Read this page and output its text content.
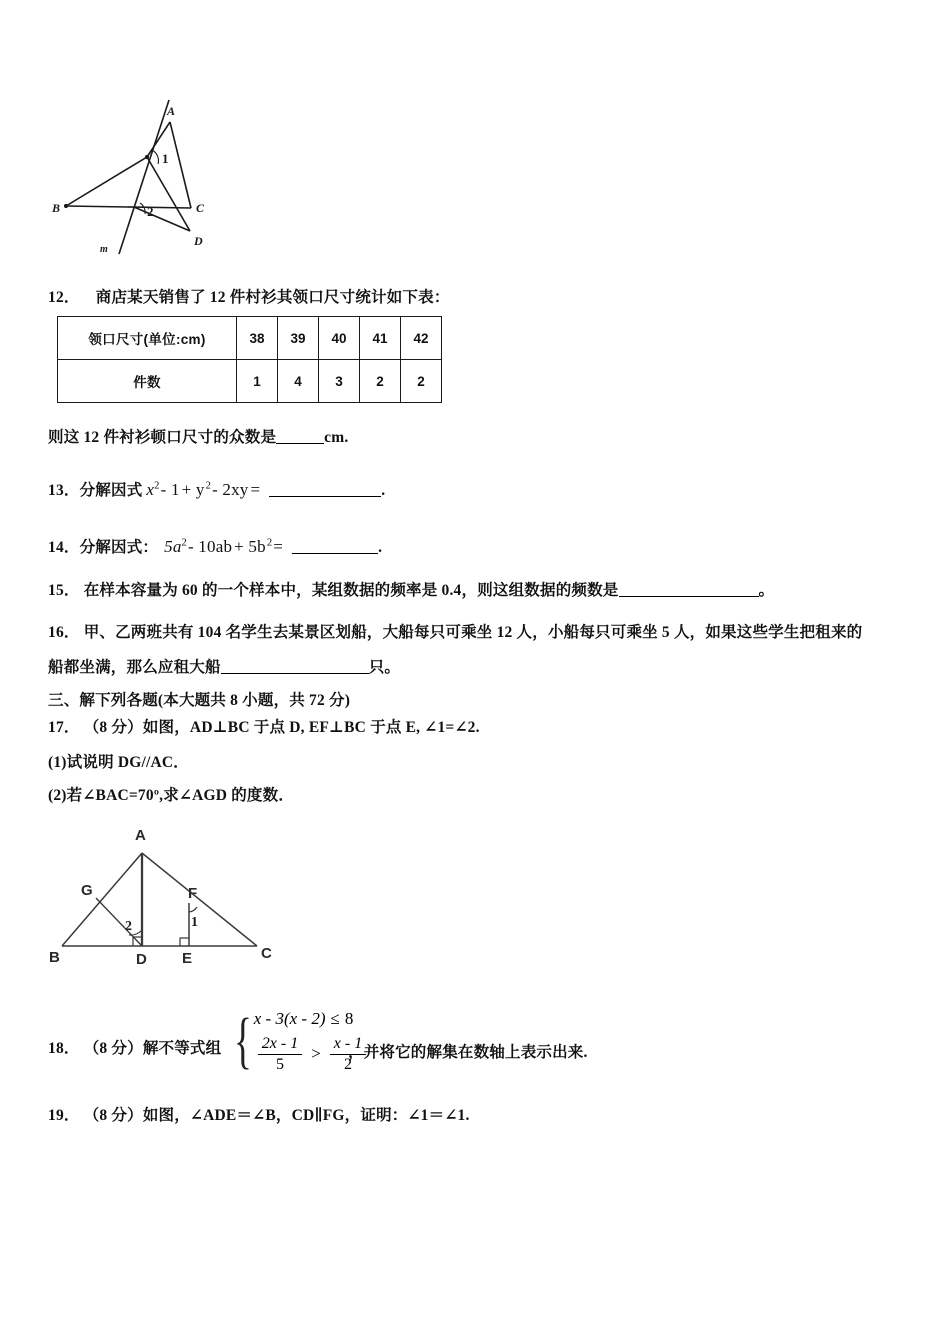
A
B	C
D
m
1
2
12． 商店某天销售了 12 件村衫其领口尺寸统计如下表：
领口尺寸(单位:cm)	38	39	40	41	42
件数	1	4	3	2	2
则这 12 件衬衫顿口尺寸的众数是	cm.
13．分解因式 $x^2-$ $1 + y^2-$ 2xy =	.
14．分解因式： $5a^2-$ $10ab + 5b^2=$	.
15． 在样本容量为 60 的一个样本中，某组数据的频率是 0.4，则这组数据的频数是	。
16． 甲、乙两班共有 104 名学生去某景区划船，大船每只可乘坐 12 人，小船每只可乘坐 5 人，如果这些学生把租来的
船都坐满，那么应租大船	只。
三、解下列各题(本大题共 8 小题，共 72 分)
17． （8 分）如图，AD⊥BC 于点 D, EF⊥BC 于点 E, ∠1=∠2.
(1)试说明 DG//AC．
(2)若∠BAC=70º,求∠AGD 的度数．
A
B	C
D E
F
G
2	1
18． （8 分）解不等式组 { x - 3(x - 2) ≤ 8
$\frac{2x - 1}{5} > \frac{x - 1}{2}$
，并将它的解集在数轴上表示出来.
19． （8 分）如图，∠ADE＝∠B，CD∥FG，证明：∠1＝∠1.
